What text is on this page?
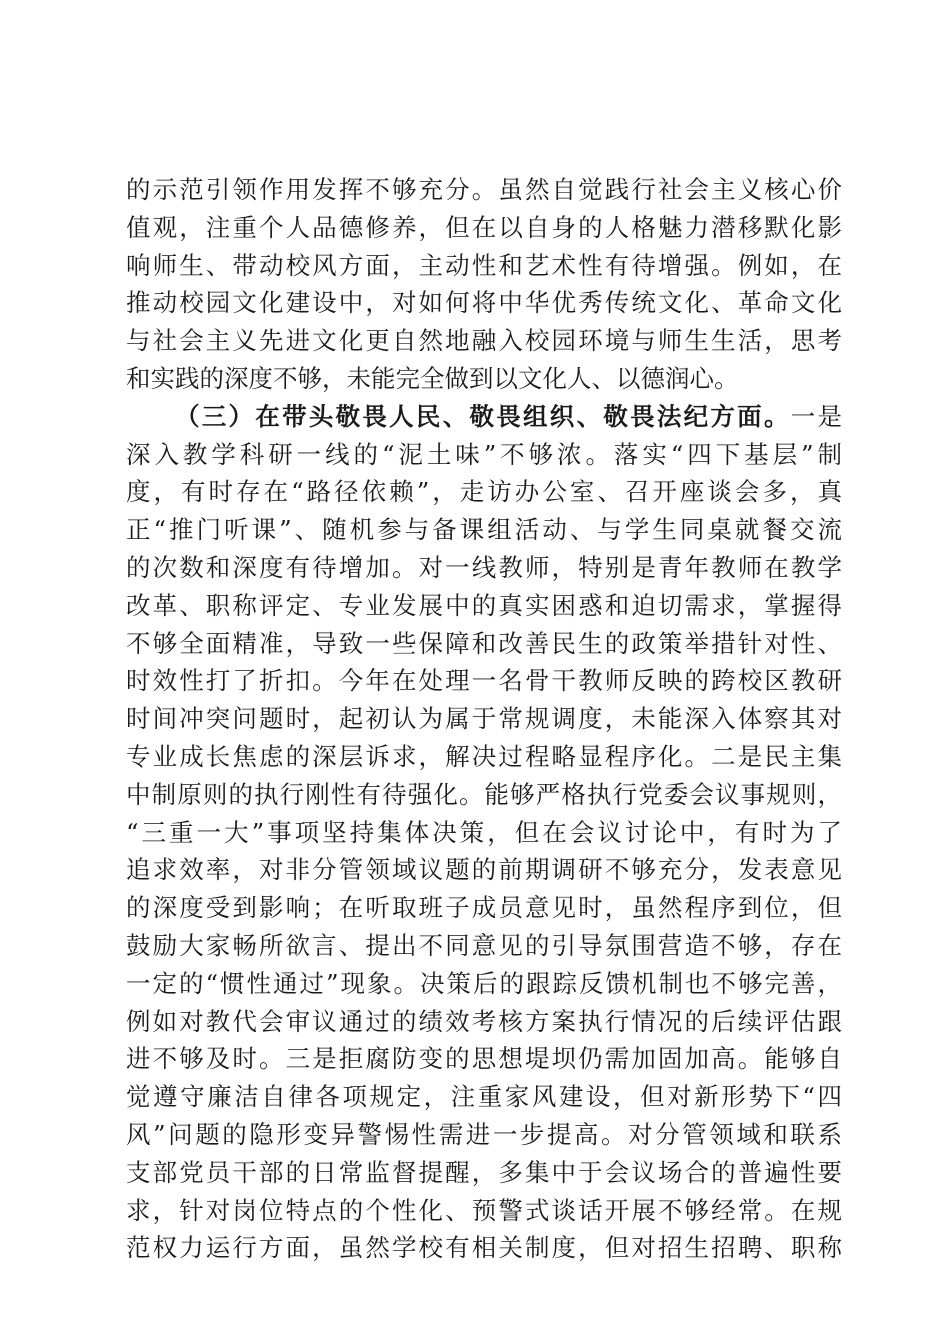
的示范引领作用发挥不够充分。虽然自觉践行社会主义核心价
值观，注重个人品德修养，但在以自身的人格魅力潜移默化影
响师生、带动校风方面，主动性和艺术性有待增强。例如，在
推动校园文化建设中，对如何将中华优秀传统文化、革命文化
与社会主义先进文化更自然地融入校园环境与师生生活，思考
和实践的深度不够，未能完全做到以文化人、以德润心。
（三）在带头敬畏人民、敬畏组织、敬畏法纪方面。一是
深入教学科研一线的“泥土味”不够浓。落实“四下基层”制
度，有时存在“路径依赖”，走访办公室、召开座谈会多，真
正“推门听课”、随机参与备课组活动、与学生同桌就餐交流
的次数和深度有待增加。对一线教师，特别是青年教师在教学
改革、职称评定、专业发展中的真实困惑和迫切需求，掌握得
不够全面精准，导致一些保障和改善民生的政策举措针对性、
时效性打了折扣。今年在处理一名骨干教师反映的跨校区教研
时间冲突问题时，起初认为属于常规调度，未能深入体察其对
专业成长焦虑的深层诉求，解决过程略显程序化。二是民主集
中制原则的执行刚性有待强化。能够严格执行党委会议事规则，
“三重一大”事项坚持集体决策，但在会议讨论中，有时为了
追求效率，对非分管领域议题的前期调研不够充分，发表意见
的深度受到影响；在听取班子成员意见时，虽然程序到位，但
鼓励大家畅所欲言、提出不同意见的引导氛围营造不够，存在
一定的“惯性通过”现象。决策后的跟踪反馈机制也不够完善，
例如对教代会审议通过的绩效考核方案执行情况的后续评估跟
进不够及时。三是拒腐防变的思想堤坝仍需加固加高。能够自
觉遵守廉洁自律各项规定，注重家风建设，但对新形势下“四
风”问题的隐形变异警惕性需进一步提高。对分管领域和联系
支部党员干部的日常监督提醒，多集中于会议场合的普遍性要
求，针对岗位特点的个性化、预警式谈话开展不够经常。在规
范权力运行方面，虽然学校有相关制度，但对招生招聘、职称
